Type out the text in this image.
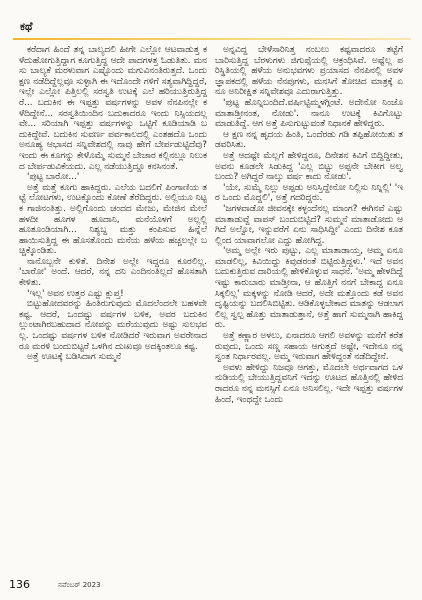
ಕಥೆ

ಕರೆದಾಗ ಹಿಂದೆ ತನ್ನ ಬಾಲ್ಯದಲಿ ಹೀಗೇ ಎಲ್ಲೋ ಆಟವಾಡುತ್ತ ಕಳೆದುಹೋಗುತ್ತಿದ್ದಾಗ ಕೂಗುತ್ತಿದ್ದ ಆದೇ ಪಾದಗಳತ್ತ ಓಡುತಿತು. ಮನಸು ಬಾಲ್ಯಕೆ ಮರಳುವಾಗ ಎಷ್ಟೊಂದು ಮಗುವಿನಂತಿರುತ್ತದೆ. ಒಂದು ಕ್ಷಣ ನಡೆದಿದ್ದೆಲ್ಲವೂ ಸುಳ್ಳಾಗಿ ಈ ಇದೊಂದೇ ಗಳಿಗೆ ಸತ್ಯವಾಗಿದ್ದಿದ್ದರೆ, ಇಲ್ಲೇ ಎಲ್ಲೋ ಪಿತ್ತಿಲಲ್ಲಿ ಸರಸ್ವತಿ ಉಟಕ್ಕೆ ಎಲೆ ಹರಿಯುತ್ತಿರುತ್ತಿದ್ದರೆ... ಬದುಕಿನ ಈ ಇಪ್ಪತ್ತು ವರ್ಷಗಳನ್ನು ಅವಳ ನೆನಪಿನಲ್ಲೇ ಕಳೆದಿದ್ದೇನೆ... ಸರಸ್ವತಿಯಿಂದಿನ ಬದುಕಾದರೂ ಇಂದು ನಿಸ್ಸಿಯದಲ್ಲವೇ... ಸರಿಯಾಗಿ ಇಪ್ಪತ್ತು ವರ್ಷಗಳನ್ನು ಒಟ್ಟಿಗೆ ಕೂಡಿಯಾಡಿ ಬದುಕಿದ್ದೇವೆ. ಬದುಕಿನ ಸುವರ್ಣ ಪರ್ವಕಾಲದಲ್ಲಿ ಎಂತಹದೊ ಒಂದು ಅನೂಹ್ಯ ಆಭಾಸದ ಸನ್ನಿವೇಶದಲ್ಲಿ ನಾವು ಹೇಗೆ ಬೇರ್ಪಡುಟ್ಟಿದೆವು? ಇಂದು ಈ ಕೂಗನ್ನು ಕೇಳೊಮ್ಮೆ ಸುಮ್ಮನೆ ಬೇಜಾರ ಕಲ್ಲಿನಲ್ಲೂ ನಿಲುಕದ ಬೇರ್ಪಡುವಿಕೆಯದು. ಎಲ್ಲ ನಡೆಯುತ್ತಿದ್ದೂ ಕನಸಿನಂತೆ.

'ಪುಟ್ಟ ಬಾರೋ...'

ಅತ್ತೆ ಮತ್ತೆ ಕೂಗು ಹಾಕಿದ್ದರು. ಎಲೆಯ ಬದಲಿಗೆ ಪಿಂಗಾಣಿಯ ತಟ್ಟೆ ಲೋಟಗಳು, ಉಟಕ್ಕೊಂದು ಕೋಣೆ ತೆರೆದಿದ್ದರು. ಅಲ್ಲಿಯೂ ನಿಟ್ಟಕ ಗಾಜಿನಂತಿತ್ತು. ಅಲ್ಲಿಗೊಂದು ಚಂದದ ಮೇಜು, ಮೇಜಿನ ಮೇಲೆ ಹಳದೀ ಹೂಗಳ ಹೂದಾನಿ, ಮನೆಯೊಳಗೆ ಅಲ್ಲಲ್ಲಿ ಹೂತೂಂಡಿಯಾಗಿ... ನಿಶ್ಯಬ್ದ ಮತ್ತು ಕಂಪಿಸುವ ಹಿನ್ನೆಲೆ ಹಾಯಿಸುತ್ತಿದ್ದ ಈ ಹೊಸತೊಂದು ಮನೆಯ ಹಳೆಯ ಹಚ್ಚಲಲ್ಲೇ ಬಚ್ಚಿಕ್ಕೊಂಡಿತು.

ನಾನೊಬ್ಬನೇ ಕುಳಿತೆ. ದಿನೇಶ ಅಲ್ಲೇ ಇದ್ದರೂ ಕೂರಲಿಲ್ಲ. 'ಬಾರೋ' ಅಂದೆ. ಆದರೆ, ನನ್ನ ದನಿ ಎಂದಿನಂತಿಲ್ಲದೆ ಹೊಸತಾಗಿ ಕೇಳಿತು.

'ಇಲ್ಲ' ಅವನ ಉತ್ತರ ಎಷ್ಟು ಕ್ಲುಪ್ತ!

ಬಿಟ್ಟುಹೋದವರನ್ನು ಹಿಂತಿರುಗುವುದು ಮೊದಲೆಂದಲೇ ಬಹಳವೇ ಕಷ್ಟ. ಆದರೆ, ಒಂದಷ್ಟು ವರ್ಷಗಳ ಬಳಿಕ, ಅವರ ಬದುಕಿನಲ್ಲುಂಟಾಗಿರಬಹುದಾದ ನೋವನ್ನು ಮರೆಯುವುದು ಅಷ್ಟು ಸುಲಭವಲ್ಲ. ಒಂದಷ್ಟು ವರ್ಷಗಳ ಬಳಿಕ ನೋಡಿದರೆ ಇರುವಾಗ ಅವರೇನಾದರೂ ಮರಳಿ ಬಂದುಬಿಟ್ಟರೆ ಒಳಗಿನ ದುಃಖವೂ ಅದಕ್ಕಿಂತಲೂ ಕಷ್ಟ.

ಅತ್ತೆ ಊಟಕ್ಕೆ ಬಡಿಸಿದಾಗ ಸುಮ್ಮನೆ

ಅನ್ನವಿದ್ದ ಬೇಳೆಸಾರಿನಿತ್ತ ನಂಬಲು ಕಷ್ಟವಾದರೂ ತಟ್ಟೆಗೆ ಬಾರಿಸುತ್ತಿದ್ದ ಬೆರಳುಗಳು ಜಿಗುಪ್ಸೆಯಲ್ಲಿ ಆಕ್ರಂಧಿಸಿವೆ. ಅಷ್ಟೆಲ್ಲ ಪರಿಸ್ಥಿತಿಯಲ್ಲಿ ಹಳೆಯ ಅನುಭವಗಳು ಪ್ರಯಾಸದ ನೆನಪಿನಲ್ಲಿ ಅವಳ ಜ್ಞಾಪಕದಲ್ಲಿ ಹಳೆಯ ನೆನಪುಗಳು, ಮನಸಿಗೆ ತೋಚಿದ ಮಾತ್ರಕ್ಕೆ ಏನೂ ಅನಿರೀಕ್ಷಿತ ಸನ್ನಿವೇಶವೂ ಎದುರಾಗುತ್ತಿತ್ತು.

'ಪುಟ್ಟ ಹೊನ್ನಿಬಂದಿದೆ.ವರ್ಷಿಟ್ಟಿಮ್ಮಳಗ್ಗಿಂಟೆ. ಅದೇನೋ ನಿಂಜೊ ಮಾತಾಡ್ತೀನಂತ, ನೋಡು'. ನಾನೂ ಉಟಕ್ಕೆ ಕಿವಿಗೊಟ್ಟು ಮಾಡುತಿದ್ದೆ. ಆಗ ಅತ್ತೆ ಪಿಸುಗುಟ್ಟುವಂತೆ ನಿಧಾನಕೆ ಹೇಳಿದ್ದರು.

ಆ ಕ್ಷಣ ನನ್ನ ಹೃದಯ ಹಿಂತಿ, ಒಂದೆರಡು ಗಡಿ ತಪ್ಪಿಹೋಯಿತು ತಡವರಿಸಿತು.

ಅತ್ತೆ ಆದಷ್ಟೇ ಮೆಲ್ಲಗೆ ಹೇಳಿದ್ದರೂ, ದಿನೇಶನ ಕಿವಿಗೆ ಬಿದ್ದಿದ್ದೀತು, ಅವನು ಕೂಡಲೇ ಸಿಡುಕಿದ್ದ 'ಎಲ್ಲ ಬಿಟ್ಟು ಅಪ್ಪನೇ ಬೇಕೀಗ ಅಲ್ವ ಬಂದು? ಅಗಿದ್ದರೆ ನಾಲ್ಕು ವರ್ಷ ಕಾದು ನೋಡು'.

'ಯೇ, ಸುಮ್ಮೆ ನಿಲ್ಲು ಅಪ್ಪಡು ಅನಿಸ್ತಿದ್ದೇನೋ ನಿಲ್ಲಿಸು ನಿನ್ನಿಲ್ಲಿ' 'ಇರ ಒಂದು ಮೊದ್ದಲಿ', ಅತ್ತೆ ಗದರಿದ್ದರು.

'ಜಗಳವಾಡೋ ಜೀವನಕ್ಕೇ ಕಳ್ಳಂದೆನಲ್ಲ ಮಾಂಗ? ಈಗಿನವೆ ಎಷ್ಟು ಮಾತಾಡುವ್ದೆ ವಾಪಸ್ ಬಂದುಬಿಟ್ಟಿದೆ? ಸುಮ್ಮನೆ ಮಾತಾಡೋದು ಆಗಿದೆ ಅಲ್ವೋ, ಇನ್ನುವರೆಗೆ ಏನು ಸಾಧಿಸಿದ್ದೀ' ಎಂದು ದಿನೇಶ ಕೂತಲ್ಲಿಂದ ಯಾವಾಗಲೋ ಎದ್ದು ಹೋಗಿದ್ದ.

'ಅಮ್ಮ ಅಲ್ಲೇ ಇರು ಪುಟ್ಟು, ಎಲ್ಲ ಮಾತಾಡಾಯ್ತ, ಆಮ್ಮ ಏನೂ ಮಾಡಲಿಲ್ಲ, ಕಿವಿಯಿದ್ದು ಕಿವುಡರಂತೆ ಬಿಟ್ಟಿರುತ್ತಿದ್ದಳು.' ಇದೆ ಅವನ ಬದುಕುತ್ತಿರುವ ದಾರಿಯಲ್ಲಿ ಹೇಳಿಕೊಳ್ಳುವ ಸಾಧನೆ. 'ಅಮ್ಮ ಹೇಳದಿದ್ದೆ ಇಷ್ಟು ಕಾರುಬಾರು ಮಾಡ್ತೀನಾ, ಆ ಹೊತ್ತಿಗೆ ನನಗೆ ಬೇಕಾದ್ದ ಏನೂ ಸಿಕ್ಕಲಿಲ್ಲ' ಮಕ್ಕಳನ್ನು ನೋಡಿ ಆದರೆ, ಅದೇ ಮತ್ತೊಂದು ಕಡೆ ಅವನ ದೃಷ್ಟಿಯನ್ನು ಬದಲಿಸಿಬಿಟ್ಟಿತು. ಆಡಿಕೊಳ್ಳಬೇಕಾದ ಮಾತನ್ನು ಆಡಲಾಗಲಿಲ್ಲ ಸ್ವಲ್ಪ ಹೊತ್ತು ಮಾತಾಡುತ್ತಾನೆ, ಅತ್ತೆ ಹಾಗೆ ಸುಮ್ಮನಾಗಿ ಹಾಕಿದ್ದರು.

ಅತ್ತೆ ಕಣ್ಣಾರ ಅಳಲು, ಏನಾದರೂ ಆಗಲಿ ಅವಳನ್ನು ಮನೆಗೆ ಕರೆತರುವುದು, ಒಂದು ಸಣ್ಣ ಸಹಾಯ ಆಗುತ್ತದೆ ಅಷ್ಟೇ, ಇದೇನೂ ನನ್ನ ಸ್ವಂತ ನಿರ್ಧಾರವಲ್ಲ. ಅಮ್ಮ ಇರುವಾಗ ಹೇಳಿದ್ದಂತೆ ನಡೆದಿದ್ದೇನೆ.

ಅವಳು ಹೇಳಿದ್ದು ನಿಜವೂ ಆಗತ್ತು, ಮೊದಲೇ ಅರ್ಥವಾಗದ ಒಳನುಡಿಯಲ್ಲಿ ಬೇಯುತ್ತಿದ್ದವನಿಗೆ ಇದನ್ನು ಊಟದ ಹೊತ್ತಿನಲ್ಲಿ ಹೇಳಿದರಾದರೂ ನನ್ನ ಮನಸ್ಸಿಗೆ ಏನೂ ಅನಿಸಲಿಲ್ಲ. ಇದೇ ಇಪ್ಪತ್ತು ವರ್ಷಗಳ ಹಿಂದೆ, ಇಂಥದ್ದೇ ಒಂದು

136	ನವೆಂಬರ್ 2023
